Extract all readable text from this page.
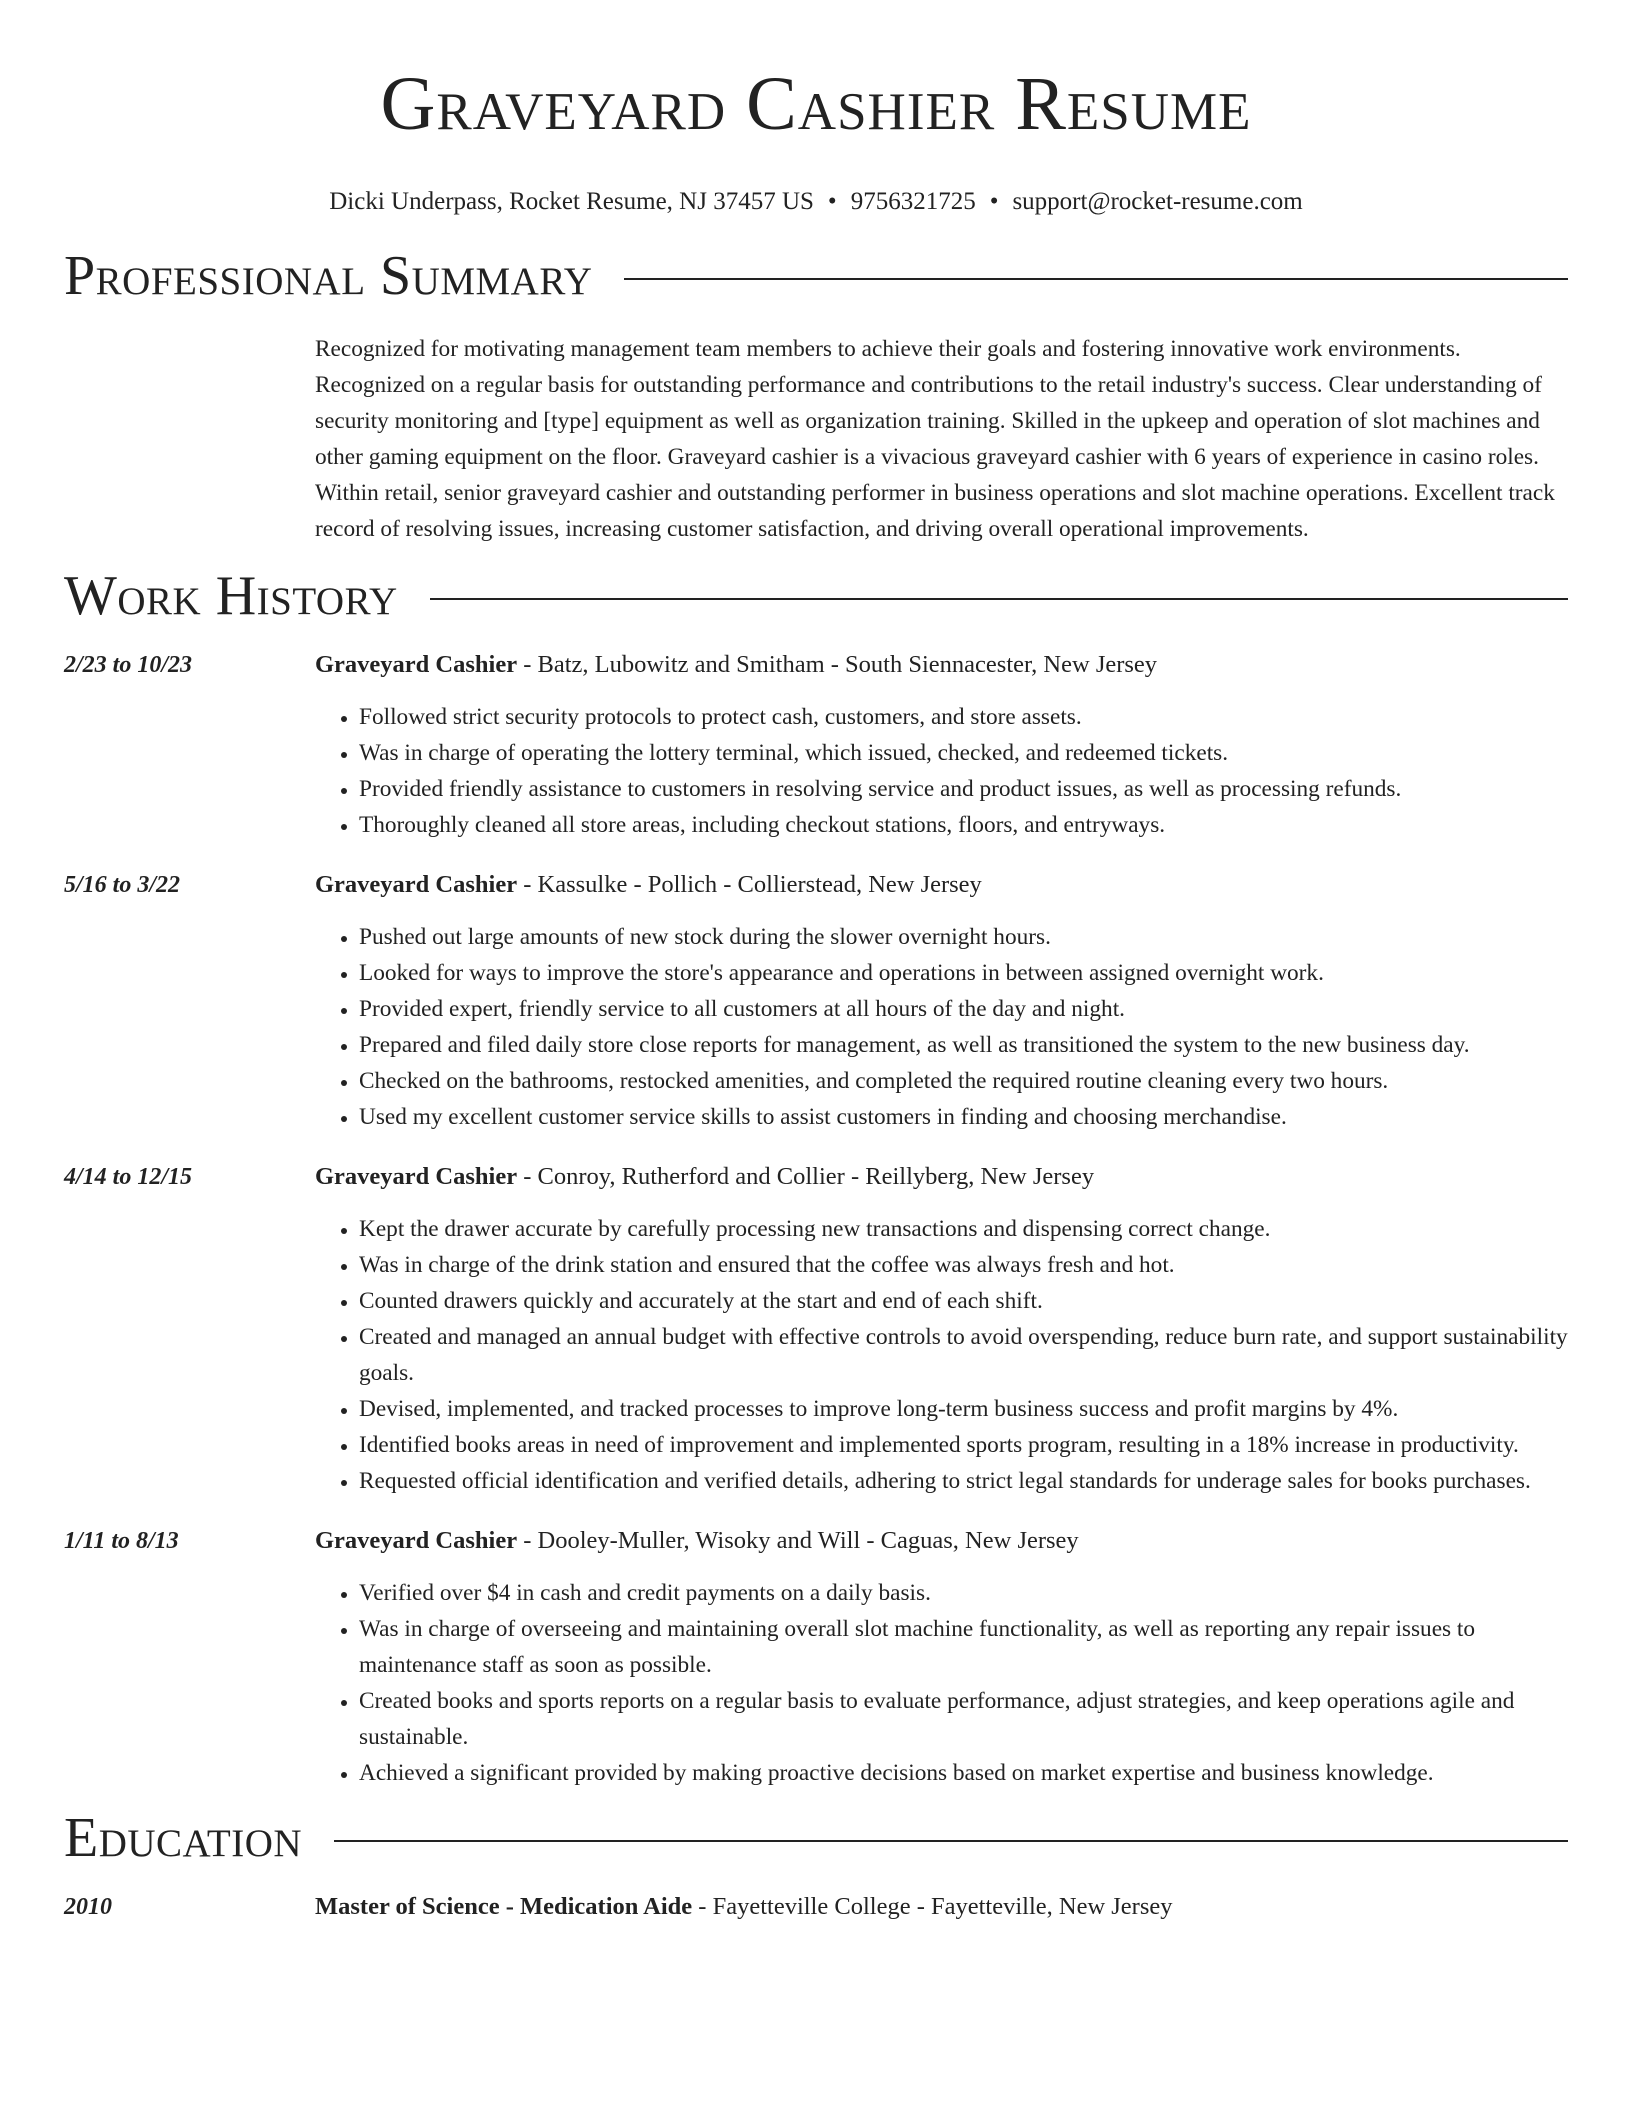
Graveyard Cashier Resume
Dicki Underpass, Rocket Resume, NJ 37457 US • 9756321725 • support@rocket-resume.com
Professional Summary
Recognized for motivating management team members to achieve their goals and fostering innovative work environments. Recognized on a regular basis for outstanding performance and contributions to the retail industry's success. Clear understanding of security monitoring and [type] equipment as well as organization training. Skilled in the upkeep and operation of slot machines and other gaming equipment on the floor. Graveyard cashier is a vivacious graveyard cashier with 6 years of experience in casino roles. Within retail, senior graveyard cashier and outstanding performer in business operations and slot machine operations. Excellent track record of resolving issues, increasing customer satisfaction, and driving overall operational improvements.
Work History
2/23 to 10/23	Graveyard Cashier - Batz, Lubowitz and Smitham - South Siennacester, New Jersey
• Followed strict security protocols to protect cash, customers, and store assets.
• Was in charge of operating the lottery terminal, which issued, checked, and redeemed tickets.
• Provided friendly assistance to customers in resolving service and product issues, as well as processing refunds.
• Thoroughly cleaned all store areas, including checkout stations, floors, and entryways.
5/16 to 3/22	Graveyard Cashier - Kassulke - Pollich - Collierstead, New Jersey
• Pushed out large amounts of new stock during the slower overnight hours.
• Looked for ways to improve the store's appearance and operations in between assigned overnight work.
• Provided expert, friendly service to all customers at all hours of the day and night.
• Prepared and filed daily store close reports for management, as well as transitioned the system to the new business day.
• Checked on the bathrooms, restocked amenities, and completed the required routine cleaning every two hours.
• Used my excellent customer service skills to assist customers in finding and choosing merchandise.
4/14 to 12/15	Graveyard Cashier - Conroy, Rutherford and Collier - Reillyberg, New Jersey
• Kept the drawer accurate by carefully processing new transactions and dispensing correct change.
• Was in charge of the drink station and ensured that the coffee was always fresh and hot.
• Counted drawers quickly and accurately at the start and end of each shift.
• Created and managed an annual budget with effective controls to avoid overspending, reduce burn rate, and support sustainability goals.
• Devised, implemented, and tracked processes to improve long-term business success and profit margins by 4%.
• Identified books areas in need of improvement and implemented sports program, resulting in a 18% increase in productivity.
• Requested official identification and verified details, adhering to strict legal standards for underage sales for books purchases.
1/11 to 8/13	Graveyard Cashier - Dooley-Muller, Wisoky and Will - Caguas, New Jersey
• Verified over $4 in cash and credit payments on a daily basis.
• Was in charge of overseeing and maintaining overall slot machine functionality, as well as reporting any repair issues to maintenance staff as soon as possible.
• Created books and sports reports on a regular basis to evaluate performance, adjust strategies, and keep operations agile and sustainable.
• Achieved a significant provided by making proactive decisions based on market expertise and business knowledge.
Education
2010	Master of Science - Medication Aide - Fayetteville College - Fayetteville, New Jersey
